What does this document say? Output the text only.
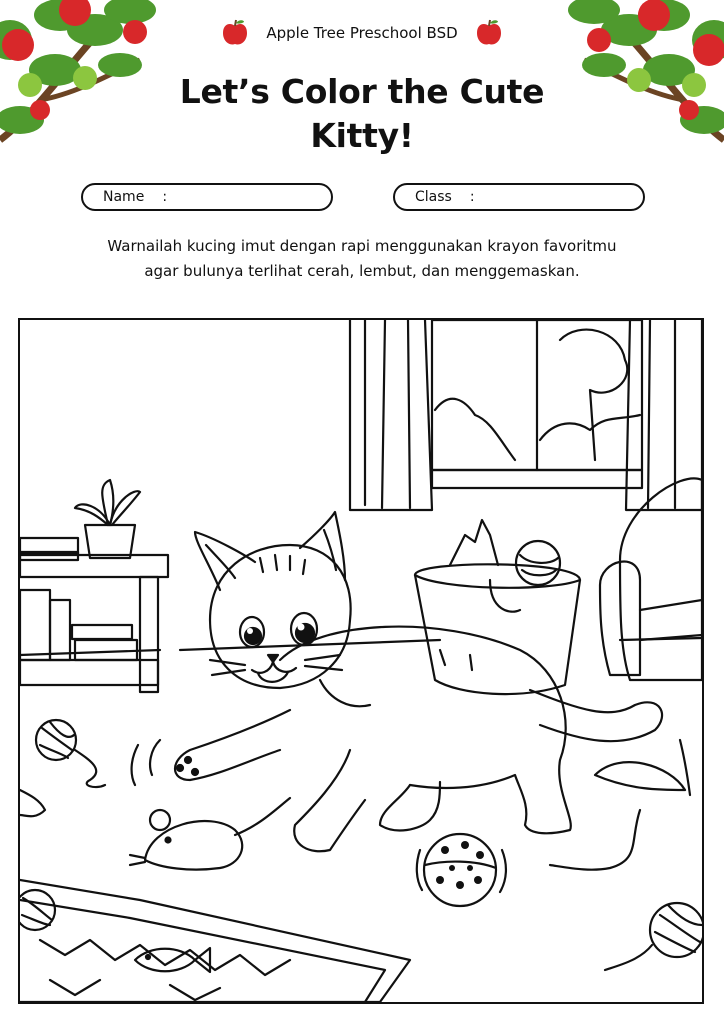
Apple Tree Preschool BSD
Let’s Color the Cute
Kitty!
Name :	Class :
Warnailah kucing imut dengan rapi menggunakan krayon favoritmu
agar bulunya terlihat cerah, lembut, dan menggemaskan.
